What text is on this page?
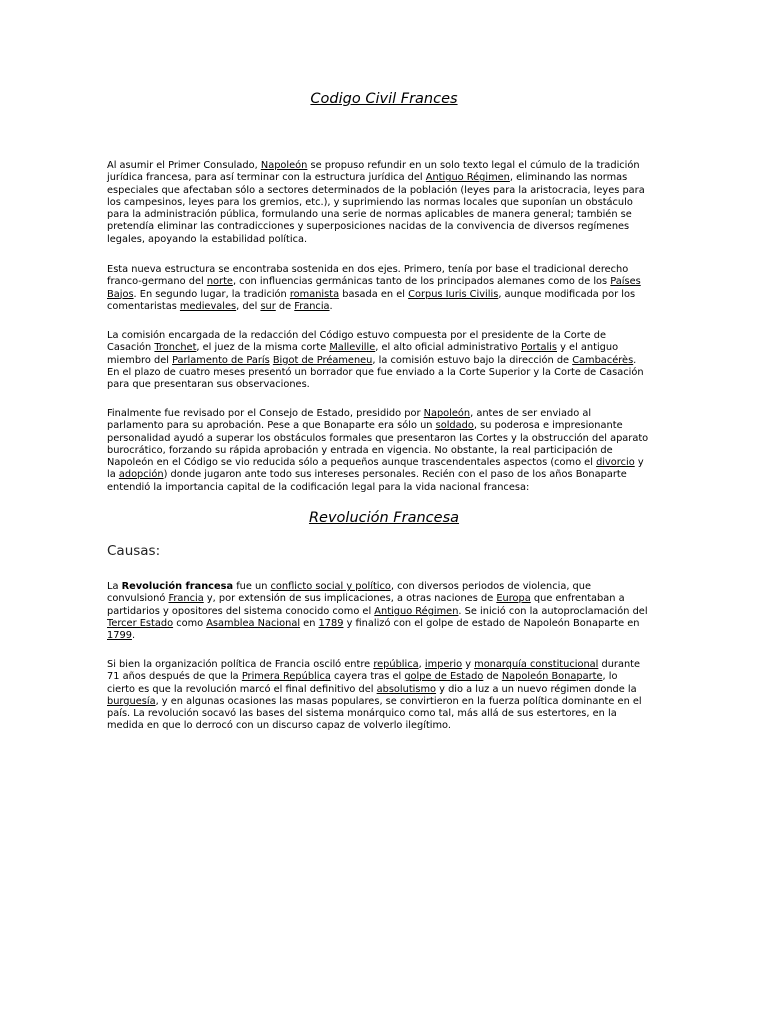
Codigo Civil Frances
Al asumir el Primer Consulado, Napoleón se propuso refundir en un solo texto legal el cúmulo de la tradición
jurídica francesa, para así terminar con la estructura jurídica del Antiguo Régimen, eliminando las normas
especiales que afectaban sólo a sectores determinados de la población (leyes para la aristocracia, leyes para
los campesinos, leyes para los gremios, etc.), y suprimiendo las normas locales que suponían un obstáculo
para la administración pública, formulando una serie de normas aplicables de manera general; también se
pretendía eliminar las contradicciones y superposiciones nacidas de la convivencia de diversos regímenes
legales, apoyando la estabilidad política.
Esta nueva estructura se encontraba sostenida en dos ejes. Primero, tenía por base el tradicional derecho
franco-germano del norte, con influencias germánicas tanto de los principados alemanes como de los Países
Bajos. En segundo lugar, la tradición romanista basada en el Corpus Iuris Civilis, aunque modificada por los
comentaristas medievales, del sur de Francia.
La comisión encargada de la redacción del Código estuvo compuesta por el presidente de la Corte de
Casación Tronchet, el juez de la misma corte Malleville, el alto oficial administrativo Portalis y el antiguo
miembro del Parlamento de París Bigot de Préameneu, la comisión estuvo bajo la dirección de Cambacérès.
En el plazo de cuatro meses presentó un borrador que fue enviado a la Corte Superior y la Corte de Casación
para que presentaran sus observaciones.
Finalmente fue revisado por el Consejo de Estado, presidido por Napoleón, antes de ser enviado al
parlamento para su aprobación. Pese a que Bonaparte era sólo un soldado, su poderosa e impresionante
personalidad ayudó a superar los obstáculos formales que presentaron las Cortes y la obstrucción del aparato
burocrático, forzando su rápida aprobación y entrada en vigencia. No obstante, la real participación de
Napoleón en el Código se vio reducida sólo a pequeños aunque trascendentales aspectos (como el divorcio y
la adopción) donde jugaron ante todo sus intereses personales. Recién con el paso de los años Bonaparte
entendió la importancia capital de la codificación legal para la vida nacional francesa:
Revolución Francesa
Causas:
La Revolución francesa fue un conflicto social y político, con diversos periodos de violencia, que
convulsionó Francia y, por extensión de sus implicaciones, a otras naciones de Europa que enfrentaban a
partidarios y opositores del sistema conocido como el Antiguo Régimen. Se inició con la autoproclamación del
Tercer Estado como Asamblea Nacional en 1789 y finalizó con el golpe de estado de Napoleón Bonaparte en
1799.
Si bien la organización política de Francia osciló entre república, imperio y monarquía constitucional durante
71 años después de que la Primera República cayera tras el golpe de Estado de Napoleón Bonaparte, lo
cierto es que la revolución marcó el final definitivo del absolutismo y dio a luz a un nuevo régimen donde la
burguesía, y en algunas ocasiones las masas populares, se convirtieron en la fuerza política dominante en el
país. La revolución socavó las bases del sistema monárquico como tal, más allá de sus estertores, en la
medida en que lo derrocó con un discurso capaz de volverlo ilegítimo.
